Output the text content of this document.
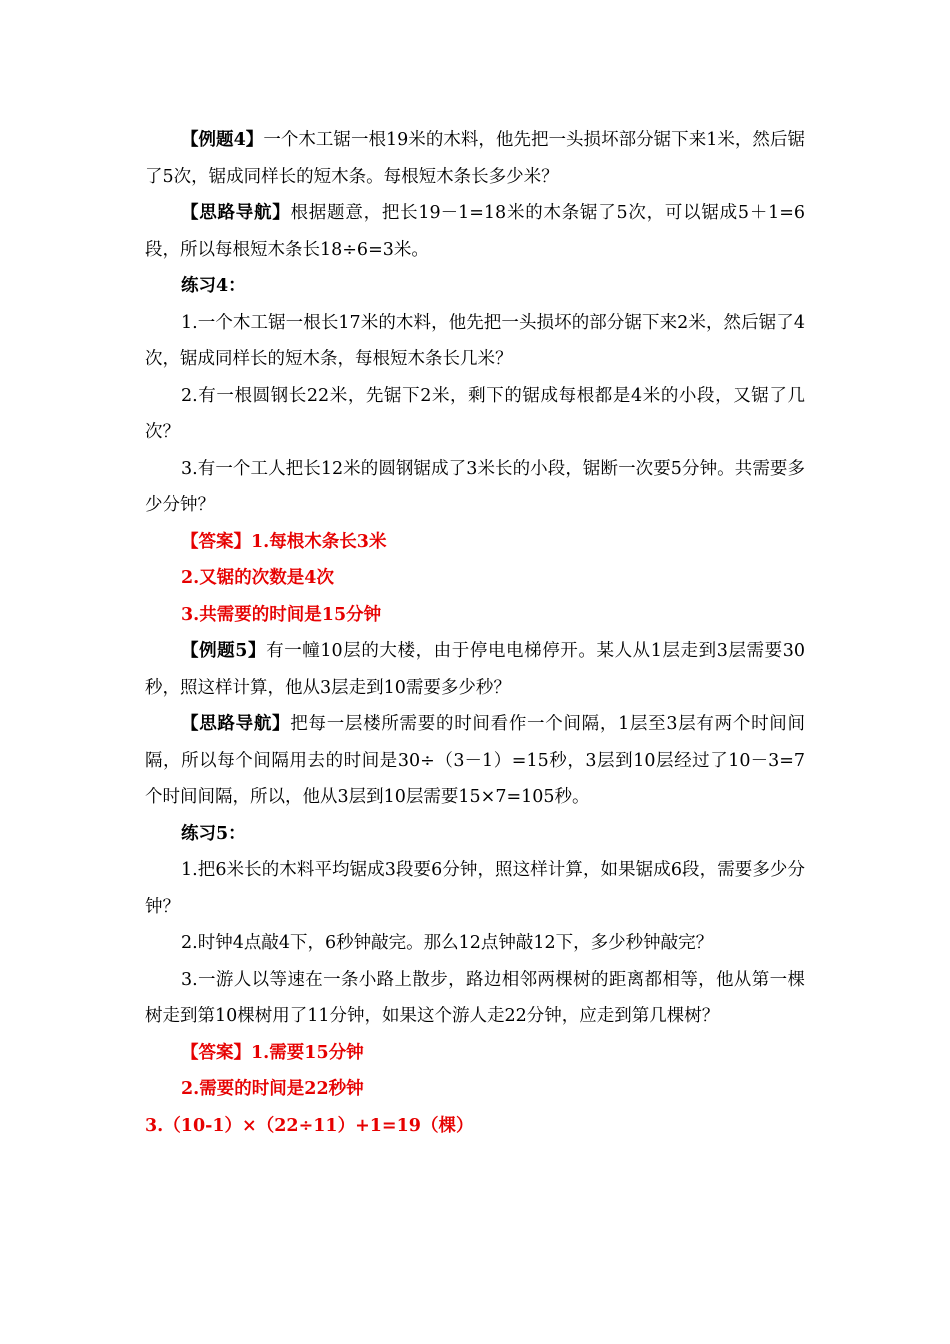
【例题4】一个木工锯一根19米的木料，他先把一头损坏部分锯下来1米，然后锯了5次，锯成同样长的短木条。每根短木条长多少米？

【思路导航】根据题意，把长19－1=18米的木条锯了5次，可以锯成5＋1=6段，所以每根短木条长18÷6=3米。

练习4：

1.一个木工锯一根长17米的木料，他先把一头损坏的部分锯下来2米，然后锯了4次，锯成同样长的短木条，每根短木条长几米？

2.有一根圆钢长22米，先锯下2米，剩下的锯成每根都是4米的小段，又锯了几次？

3.有一个工人把长12米的圆钢锯成了3米长的小段，锯断一次要5分钟。共需要多少分钟？

【答案】1.每根木条长3米

2.又锯的次数是4次

3.共需要的时间是15分钟

【例题5】有一幢10层的大楼，由于停电电梯停开。某人从1层走到3层需要30秒，照这样计算，他从3层走到10需要多少秒？

【思路导航】把每一层楼所需要的时间看作一个间隔，1层至3层有两个时间间隔，所以每个间隔用去的时间是30÷（3－1）=15秒，3层到10层经过了10－3=7个时间间隔，所以，他从3层到10层需要15×7=105秒。

练习5：

1.把6米长的木料平均锯成3段要6分钟，照这样计算，如果锯成6段，需要多少分钟？

2.时钟4点敲4下，6秒钟敲完。那么12点钟敲12下，多少秒钟敲完？

3.一游人以等速在一条小路上散步，路边相邻两棵树的距离都相等，他从第一棵树走到第10棵树用了11分钟，如果这个游人走22分钟，应走到第几棵树？

【答案】1.需要15分钟

2.需要的时间是22秒钟

3.（10-1）×（22÷11）+1=19（棵）
